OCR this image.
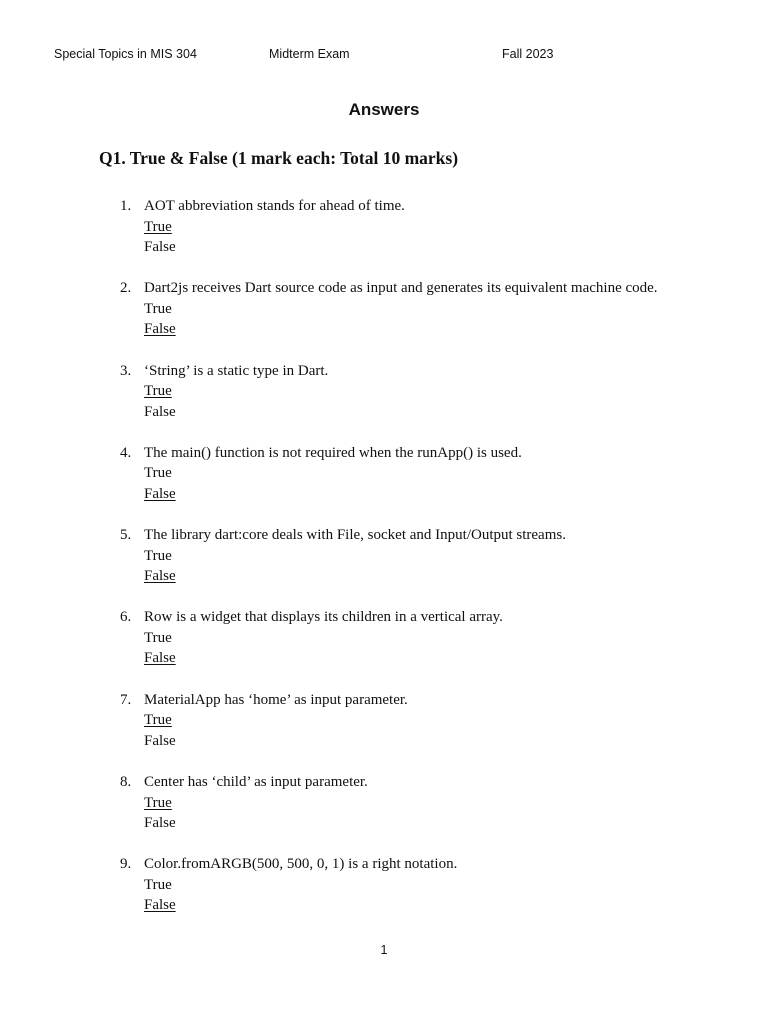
Special Topics in MIS 304	Midterm Exam	Fall 2023
Answers
Q1. True & False (1 mark each: Total 10 marks)
1. AOT abbreviation stands for ahead of time.
True
False
2. Dart2js receives Dart source code as input and generates its equivalent machine code.
True
False
3. ‘String’ is a static type in Dart.
True
False
4. The main() function is not required when the runApp() is used.
True
False
5. The library dart:core deals with File, socket and Input/Output streams.
True
False
6. Row is a widget that displays its children in a vertical array.
True
False
7. MaterialApp has ‘home’ as input parameter.
True
False
8. Center has ‘child’ as input parameter.
True
False
9. Color.fromARGB(500, 500, 0, 1) is a right notation.
True
False
1
